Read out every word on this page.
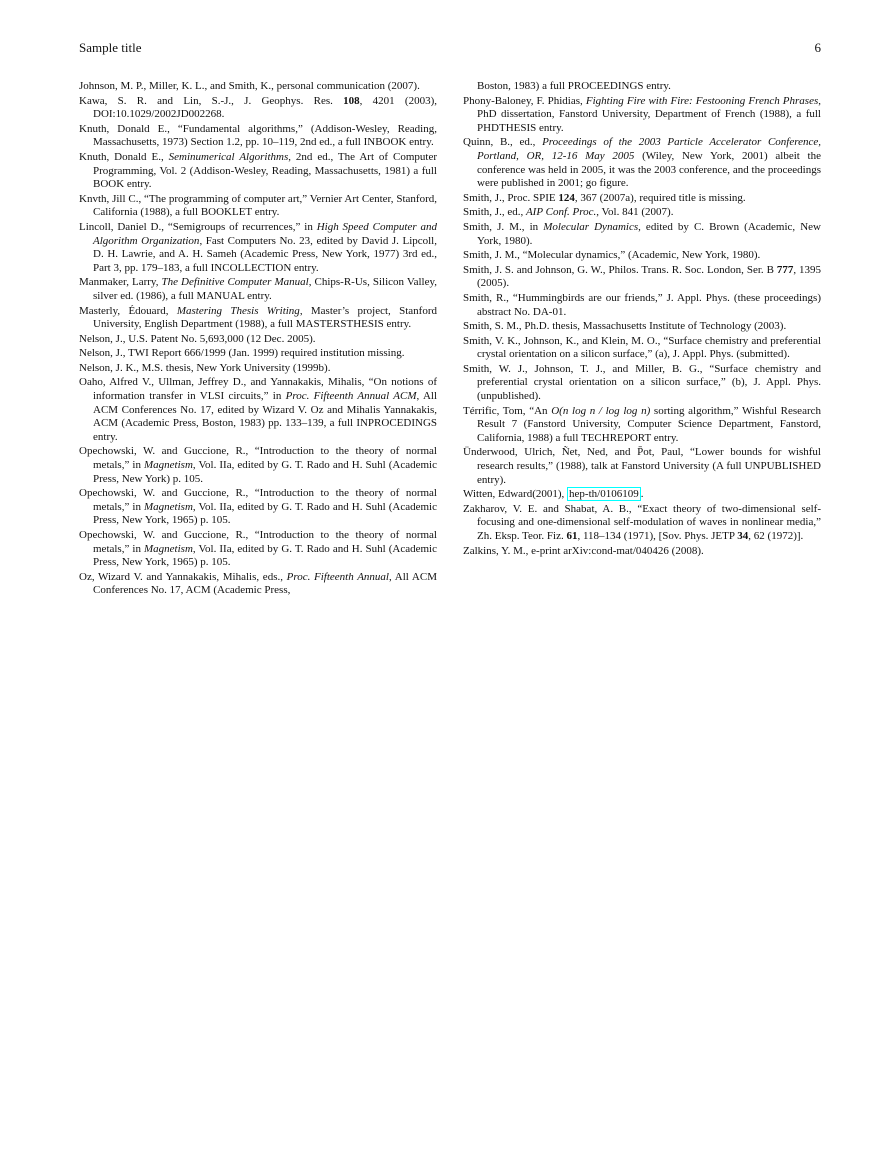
Sample title	6
Johnson, M. P., Miller, K. L., and Smith, K., personal communication (2007).
Kawa, S. R. and Lin, S.-J., J. Geophys. Res. 108, 4201 (2003), DOI:10.1029/2002JD002268.
Knuth, Donald E., “Fundamental algorithms,” (Addison-Wesley, Reading, Massachusetts, 1973) Section 1.2, pp. 10–119, 2nd ed., a full INBOOK entry.
Knuth, Donald E., Seminumerical Algorithms, 2nd ed., The Art of Computer Programming, Vol. 2 (Addison-Wesley, Reading, Massachusetts, 1981) a full BOOK entry.
Knvth, Jill C., “The programming of computer art,” Vernier Art Center, Stanford, California (1988), a full BOOKLET entry.
Lincoll, Daniel D., “Semigroups of recurrences,” in High Speed Computer and Algorithm Organization, Fast Computers No. 23, edited by David J. Lipcoll, D. H. Lawrie, and A. H. Sameh (Academic Press, New York, 1977) 3rd ed., Part 3, pp. 179–183, a full INCOLLECTION entry.
Manmaker, Larry, The Definitive Computer Manual, Chips-R-Us, Silicon Valley, silver ed. (1986), a full MANUAL entry.
Masterly, Édouard, Mastering Thesis Writing, Master’s project, Stanford University, English Department (1988), a full MASTERSTHESIS entry.
Nelson, J., U.S. Patent No. 5,693,000 (12 Dec. 2005).
Nelson, J., TWI Report 666/1999 (Jan. 1999) required institution missing.
Nelson, J. K., M.S. thesis, New York University (1999b).
Oaho, Alfred V., Ullman, Jeffrey D., and Yannakakis, Mihalis, “On notions of information transfer in VLSI circuits,” in Proc. Fifteenth Annual ACM, All ACM Conferences No. 17, edited by Wizard V. Oz and Mihalis Yannakakis, ACM (Academic Press, Boston, 1983) pp. 133–139, a full INPROCEDINGS entry.
Opechowski, W. and Guccione, R., “Introduction to the theory of normal metals,” in Magnetism, Vol. IIa, edited by G. T. Rado and H. Suhl (Academic Press, New York) p. 105.
Opechowski, W. and Guccione, R., “Introduction to the theory of normal metals,” in Magnetism, Vol. IIa, edited by G. T. Rado and H. Suhl (Academic Press, New York, 1965) p. 105.
Opechowski, W. and Guccione, R., “Introduction to the theory of normal metals,” in Magnetism, Vol. IIa, edited by G. T. Rado and H. Suhl (Academic Press, New York, 1965) p. 105.
Oz, Wizard V. and Yannakakis, Mihalis, eds., Proc. Fifteenth Annual, All ACM Conferences No. 17, ACM (Academic Press,
Boston, 1983) a full PROCEEDINGS entry.
Phony-Baloney, F. Phidias, Fighting Fire with Fire: Festooning French Phrases, PhD dissertation, Fanstord University, Department of French (1988), a full PHDTHESIS entry.
Quinn, B., ed., Proceedings of the 2003 Particle Accelerator Conference, Portland, OR, 12-16 May 2005 (Wiley, New York, 2001) albeit the conference was held in 2005, it was the 2003 conference, and the proceedings were published in 2001; go figure.
Smith, J., Proc. SPIE 124, 367 (2007a), required title is missing.
Smith, J., ed., AIP Conf. Proc., Vol. 841 (2007).
Smith, J. M., in Molecular Dynamics, edited by C. Brown (Academic, New York, 1980).
Smith, J. M., “Molecular dynamics,” (Academic, New York, 1980).
Smith, J. S. and Johnson, G. W., Philos. Trans. R. Soc. London, Ser. B 777, 1395 (2005).
Smith, R., “Hummingbirds are our friends,” J. Appl. Phys. (these proceedings) abstract No. DA-01.
Smith, S. M., Ph.D. thesis, Massachusetts Institute of Technology (2003).
Smith, V. K., Johnson, K., and Klein, M. O., “Surface chemistry and preferential crystal orientation on a silicon surface,” (a), J. Appl. Phys. (submitted).
Smith, W. J., Johnson, T. J., and Miller, B. G., “Surface chemistry and preferential crystal orientation on a silicon surface,” (b), J. Appl. Phys. (unpublished).
Térrific, Tom, “An O(n log n / log log n) sorting algorithm,” Wishful Research Result 7 (Fanstord University, Computer Science Department, Fanstord, California, 1988) a full TECHREPORT entry.
Ünderwood, Ulrich, Ñet, Ned, and P̄ot, Paul, “Lower bounds for wishful research results,” (1988), talk at Fanstord University (A full UNPUBLISHED entry).
Witten, Edward(2001), hep-th/0106109 .
Zakharov, V. E. and Shabat, A. B., “Exact theory of two-dimensional self-focusing and one-dimensional self-modulation of waves in nonlinear media,” Zh. Eksp. Teor. Fiz. 61, 118–134 (1971), [Sov. Phys. JETP 34, 62 (1972)].
Zalkins, Y. M., e-print arXiv:cond-mat/040426 (2008).
